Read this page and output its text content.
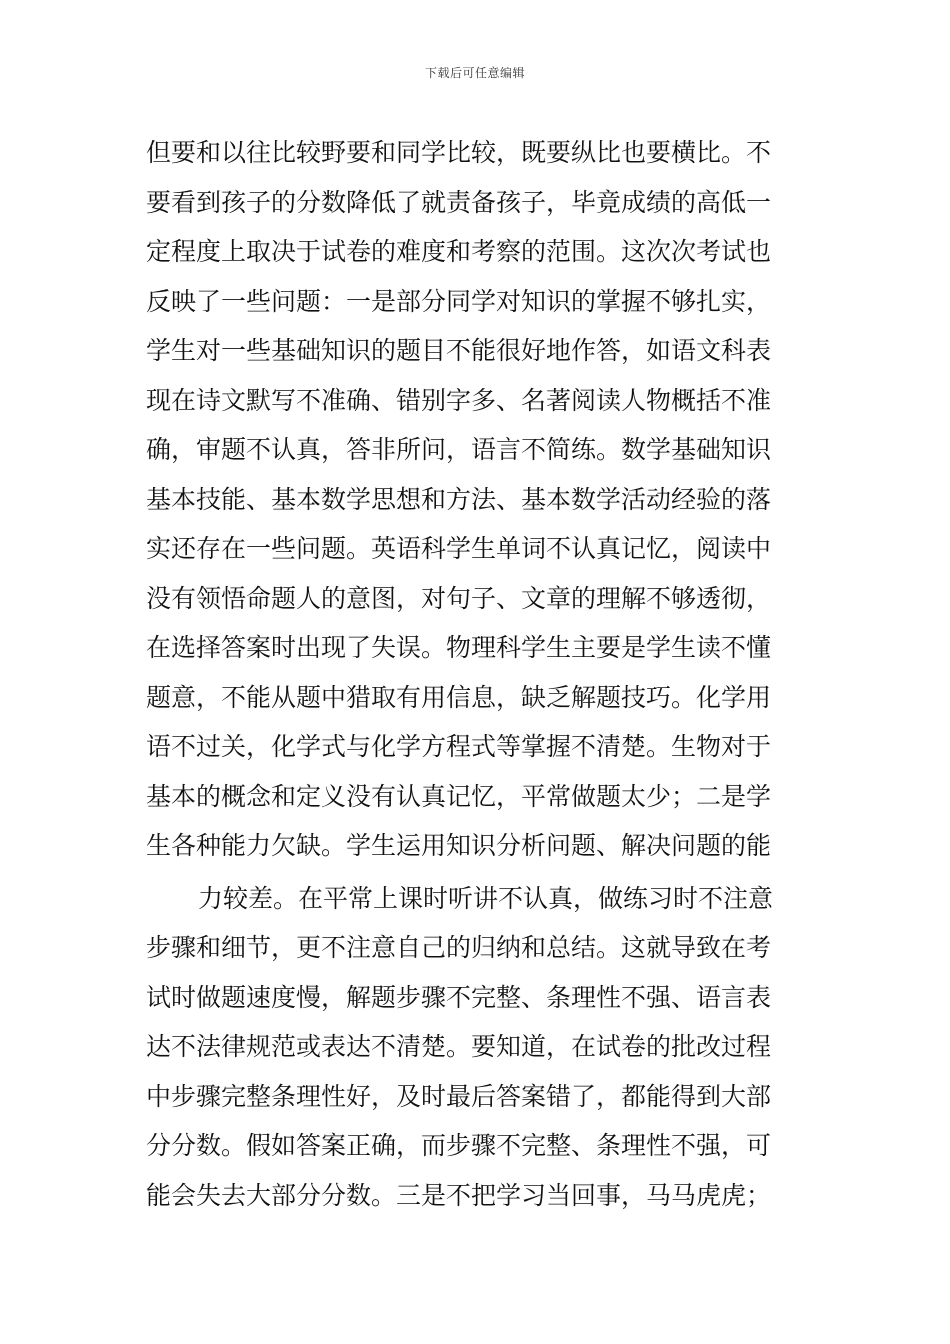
下载后可任意编辑
但要和以往比较野要和同学比较，既要纵比也要横比。不
要看到孩子的分数降低了就责备孩子，毕竟成绩的高低一
定程度上取决于试卷的难度和考察的范围。这次次考试也
反映了一些问题：一是部分同学对知识的掌握不够扎实，
学生对一些基础知识的题目不能很好地作答，如语文科表
现在诗文默写不准确、错别字多、名著阅读人物概括不准
确，审题不认真，答非所问，语言不简练。数学基础知识
基本技能、基本数学思想和方法、基本数学活动经验的落
实还存在一些问题。英语科学生单词不认真记忆，阅读中
没有领悟命题人的意图，对句子、文章的理解不够透彻，
在选择答案时出现了失误。物理科学生主要是学生读不懂
题意，不能从题中猎取有用信息，缺乏解题技巧。化学用
语不过关，化学式与化学方程式等掌握不清楚。生物对于
基本的概念和定义没有认真记忆，平常做题太少；二是学
生各种能力欠缺。学生运用知识分析问题、解决问题的能
力较差。在平常上课时听讲不认真，做练习时不注意
步骤和细节，更不注意自己的归纳和总结。这就导致在考
试时做题速度慢，解题步骤不完整、条理性不强、语言表
达不法律规范或表达不清楚。要知道，在试卷的批改过程
中步骤完整条理性好，及时最后答案错了，都能得到大部
分分数。假如答案正确，而步骤不完整、条理性不强，可
能会失去大部分分数。三是不把学习当回事，马马虎虎；
